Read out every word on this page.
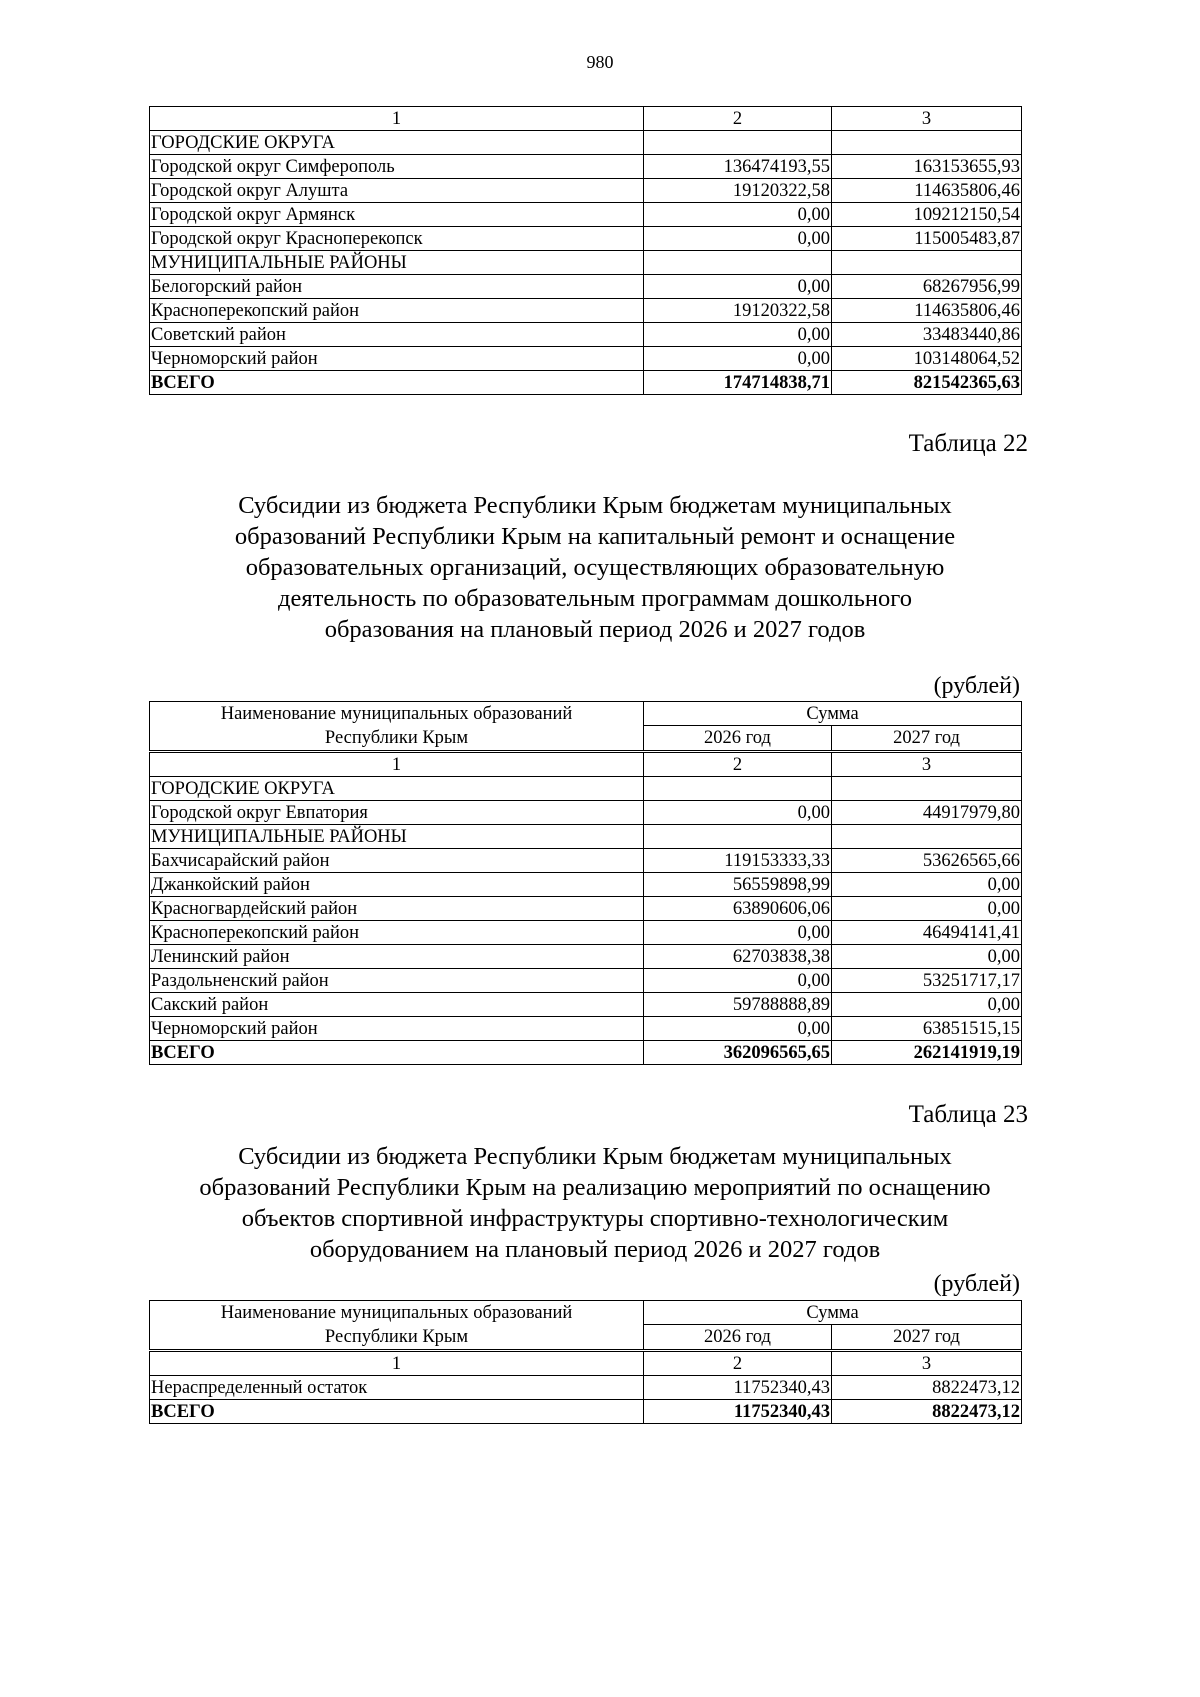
980
1	2	3
ГОРОДСКИЕ ОКРУГА		
Городской округ Симферополь	136474193,55	163153655,93
Городской округ Алушта	19120322,58	114635806,46
Городской округ Армянск	0,00	109212150,54
Городской округ Красноперекопск	0,00	115005483,87
МУНИЦИПАЛЬНЫЕ РАЙОНЫ		
Белогорский район	0,00	68267956,99
Красноперекопский район	19120322,58	114635806,46
Советский район	0,00	33483440,86
Черноморский район	0,00	103148064,52
ВСЕГО	174714838,71	821542365,63
Таблица 22
Субсидии из бюджета Республики Крым бюджетам муниципальных
образований Республики Крым на капитальный ремонт и оснащение
образовательных организаций, осуществляющих образовательную
деятельность по образовательным программам дошкольного
образования на плановый период 2026 и 2027 годов
(рублей)
Наименование муниципальных образований Республики Крым	Сумма	
	2026 год	2027 год
1	2	3
ГОРОДСКИЕ ОКРУГА		
Городской округ Евпатория	0,00	44917979,80
МУНИЦИПАЛЬНЫЕ РАЙОНЫ		
Бахчисарайский район	119153333,33	53626565,66
Джанкойский район	56559898,99	0,00
Красногвардейский район	63890606,06	0,00
Красноперекопский район	0,00	46494141,41
Ленинский район	62703838,38	0,00
Раздольненский район	0,00	53251717,17
Сакский район	59788888,89	0,00
Черноморский район	0,00	63851515,15
ВСЕГО	362096565,65	262141919,19
Таблица 23
Субсидии из бюджета Республики Крым бюджетам муниципальных
образований Республики Крым на реализацию мероприятий по оснащению
объектов спортивной инфраструктуры спортивно-технологическим
оборудованием на плановый период 2026 и 2027 годов
(рублей)
Наименование муниципальных образований Республики Крым	Сумма	
	2026 год	2027 год
1	2	3
Нераспределенный остаток	11752340,43	8822473,12
ВСЕГО	11752340,43	8822473,12
